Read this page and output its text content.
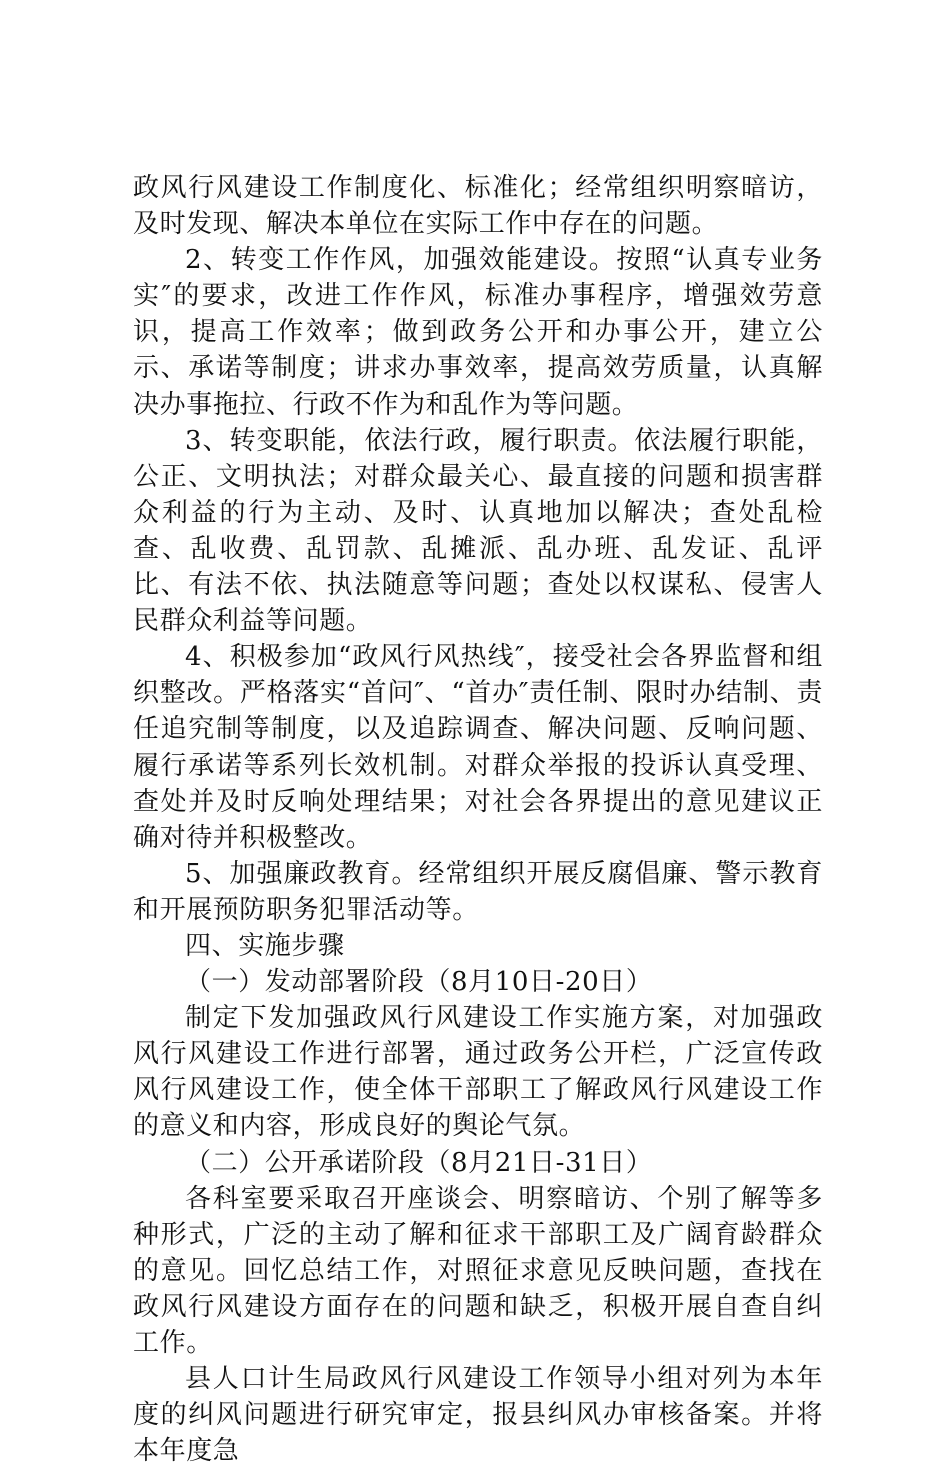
政风行风建设工作制度化、标准化；经常组织明察暗访，及时发现、解决本单位在实际工作中存在的问题。

2、转变工作作风，加强效能建设。按照“认真专业务实″的要求，改进工作作风，标准办事程序，增强效劳意识，提高工作效率；做到政务公开和办事公开，建立公示、承诺等制度；讲求办事效率，提高效劳质量，认真解决办事拖拉、行政不作为和乱作为等问题。

3、转变职能，依法行政，履行职责。依法履行职能，公正、文明执法；对群众最关心、最直接的问题和损害群众利益的行为主动、及时、认真地加以解决；查处乱检查、乱收费、乱罚款、乱摊派、乱办班、乱发证、乱评比、有法不依、执法随意等问题；查处以权谋私、侵害人民群众利益等问题。

4、积极参加“政风行风热线″，接受社会各界监督和组织整改。严格落实“首问″、“首办″责任制、限时办结制、责任追究制等制度，以及追踪调查、解决问题、反响问题、履行承诺等系列长效机制。对群众举报的投诉认真受理、查处并及时反响处理结果；对社会各界提出的意见建议正确对待并积极整改。

5、加强廉政教育。经常组织开展反腐倡廉、警示教育和开展预防职务犯罪活动等。

四、实施步骤

（一）发动部署阶段（8月10日-20日）

制定下发加强政风行风建设工作实施方案，对加强政风行风建设工作进行部署，通过政务公开栏，广泛宣传政风行风建设工作，使全体干部职工了解政风行风建设工作的意义和内容，形成良好的舆论气氛。

（二）公开承诺阶段（8月21日-31日）

各科室要采取召开座谈会、明察暗访、个别了解等多种形式，广泛的主动了解和征求干部职工及广阔育龄群众的意见。回忆总结工作，对照征求意见反映问题，查找在政风行风建设方面存在的问题和缺乏，积极开展自查自纠工作。

县人口计生局政风行风建设工作领导小组对列为本年度的纠风问题进行研究审定，报县纠风办审核备案。并将本年度急
